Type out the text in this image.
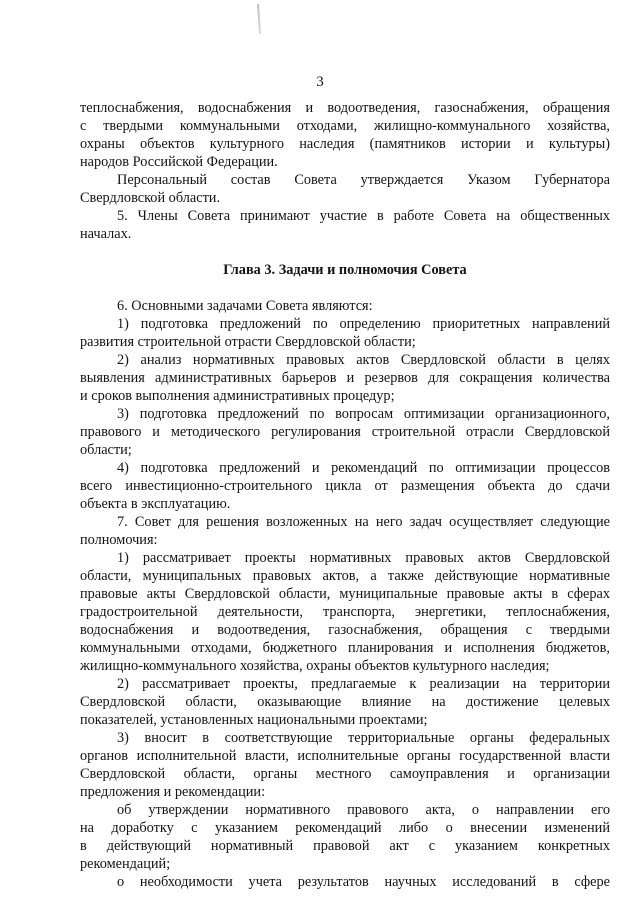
3
теплоснабжения, водоснабжения и водоотведения, газоснабжения, обращения
с твердыми коммунальными отходами, жилищно-коммунального хозяйства,
охраны объектов культурного наследия (памятников истории и культуры)
народов Российской Федерации.
Персональный состав Совета утверждается Указом Губернатора
Свердловской области.
5. Члены Совета принимают участие в работе Совета на общественных
началах.
Глава 3. Задачи и полномочия Совета
6. Основными задачами Совета являются:
1) подготовка предложений по определению приоритетных направлений
развития строительной отрасти Свердловской области;
2) анализ нормативных правовых актов Свердловской области в целях
выявления административных барьеров и резервов для сокращения количества
и сроков выполнения административных процедур;
3) подготовка предложений по вопросам оптимизации организационного,
правового и методического регулирования строительной отрасли Свердловской
области;
4) подготовка предложений и рекомендаций по оптимизации процессов
всего инвестиционно-строительного цикла от размещения объекта до сдачи
объекта в эксплуатацию.
7. Совет для решения возложенных на него задач осуществляет следующие
полномочия:
1) рассматривает проекты нормативных правовых актов Свердловской
области, муниципальных правовых актов, а также действующие нормативные
правовые акты Свердловской области, муниципальные правовые акты в сферах
градостроительной деятельности, транспорта, энергетики, теплоснабжения,
водоснабжения и водоотведения, газоснабжения, обращения с твердыми
коммунальными отходами, бюджетного планирования и исполнения бюджетов,
жилищно-коммунального хозяйства, охраны объектов культурного наследия;
2) рассматривает проекты, предлагаемые к реализации на территории
Свердловской области, оказывающие влияние на достижение целевых
показателей, установленных национальными проектами;
3) вносит в соответствующие территориальные органы федеральных
органов исполнительной власти, исполнительные органы государственной власти
Свердловской области, органы местного самоуправления и организации
предложения и рекомендации:
об утверждении нормативного правового акта, о направлении его
на доработку с указанием рекомендаций либо о внесении изменений
в действующий нормативный правовой акт с указанием конкретных
рекомендаций;
о необходимости учета результатов научных исследований в сфере
